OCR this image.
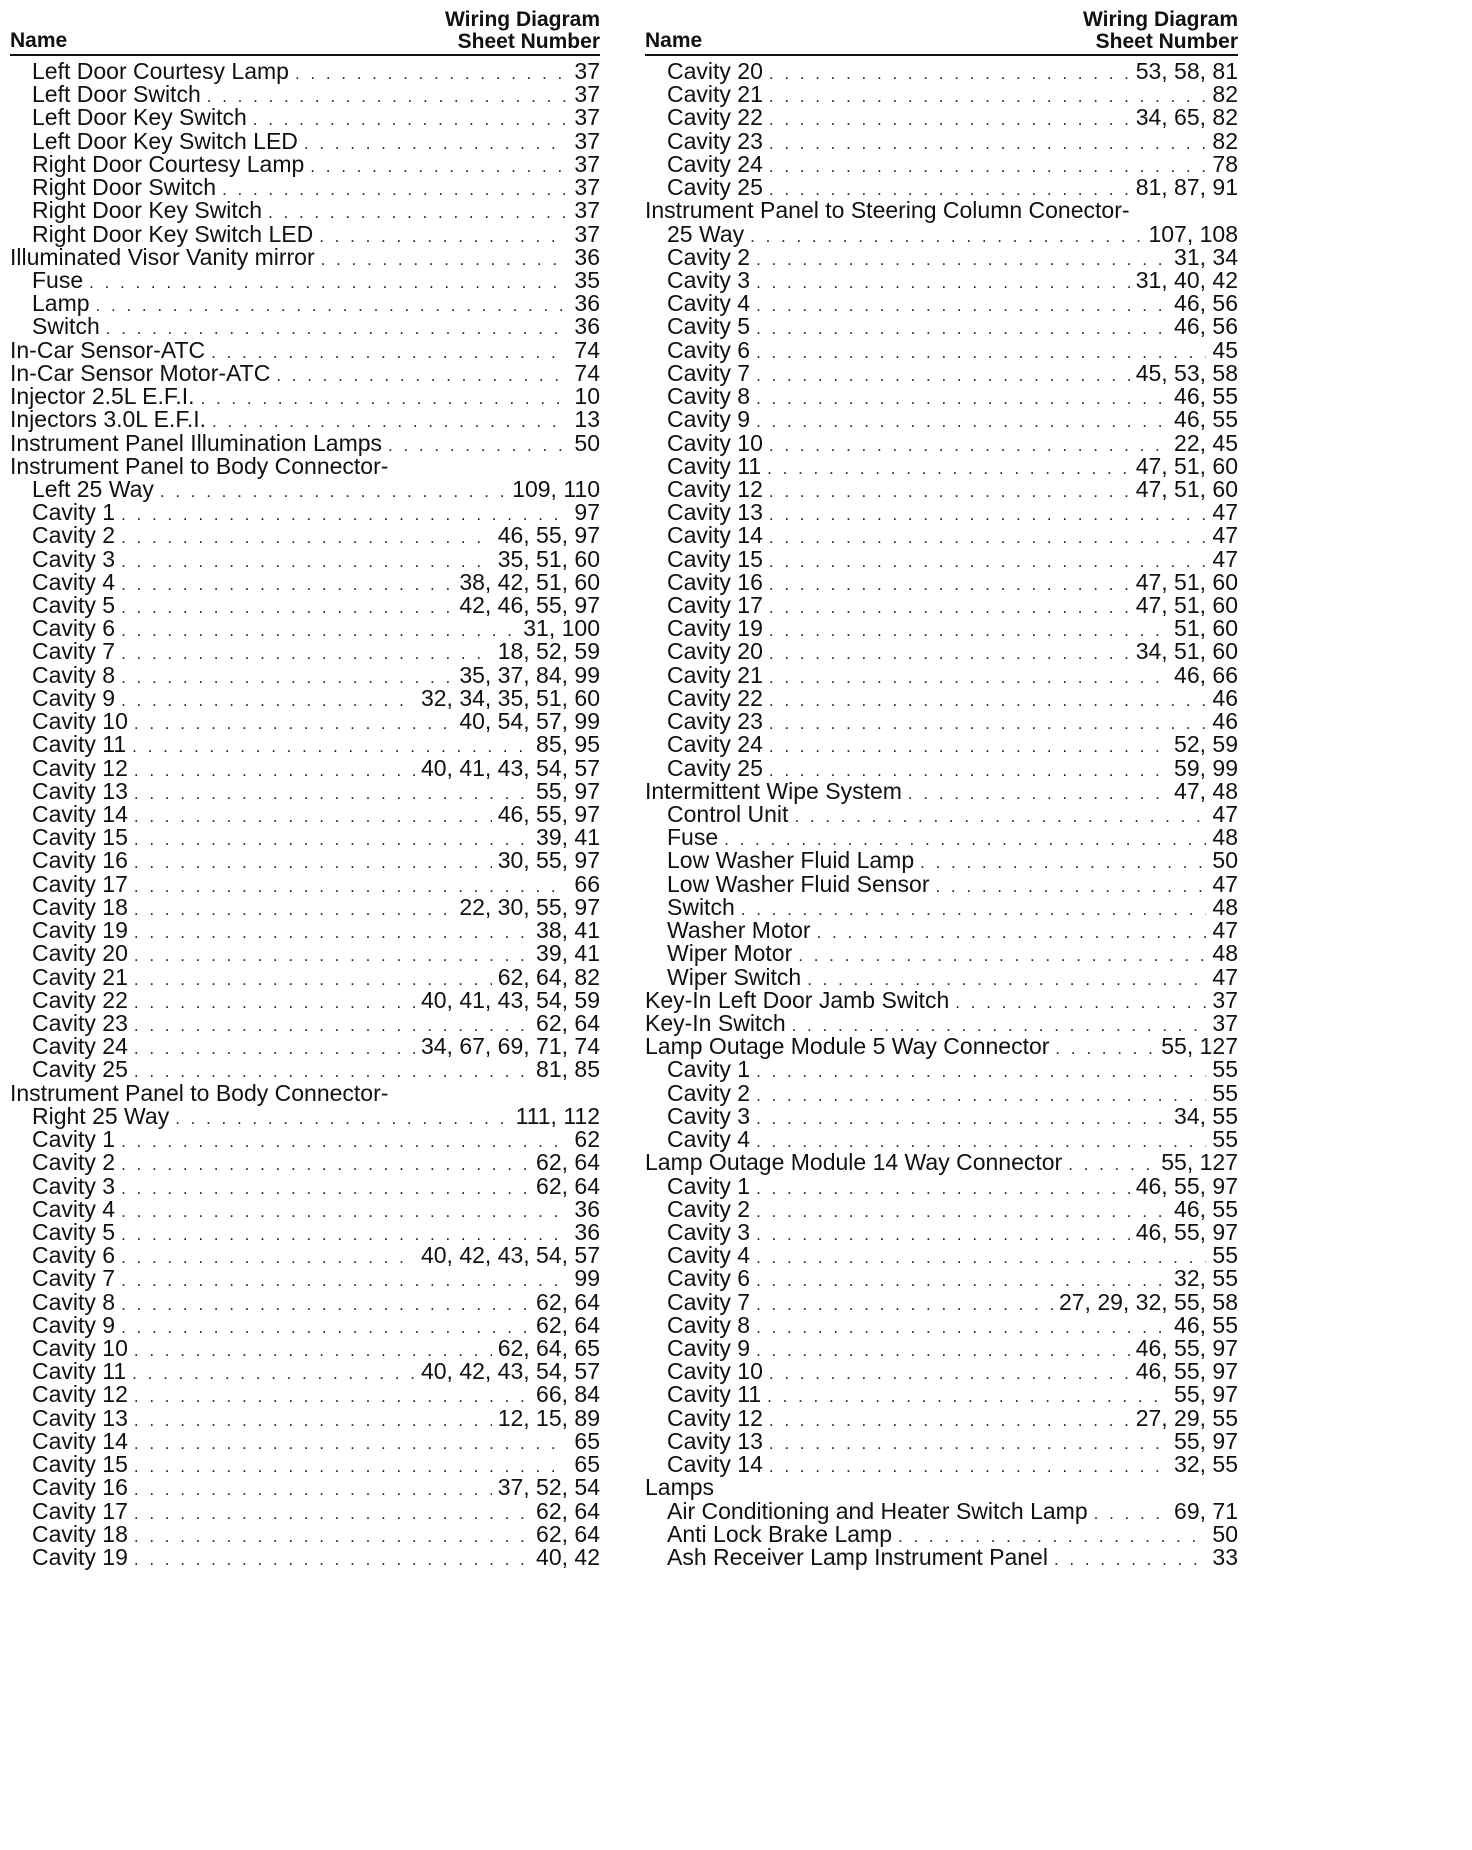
Name
Wiring Diagram
Sheet Number
Left Door Courtesy Lamp . . .	37
Left Door Switch . . .	37
Left Door Key Switch . . .	37
Left Door Key Switch LED . . .	37
Right Door Courtesy Lamp . . .	37
Right Door Switch . . .	37
Right Door Key Switch . . .	37
Right Door Key Switch LED . . .	37
Illuminated Visor Vanity mirror . . .	36
Fuse . . .	35
Lamp . . .	36
Switch . . .	36
In-Car Sensor-ATC . . .	74
In-Car Sensor Motor-ATC . . .	74
Injector 2.5L E.F.I. . . .	10
Injectors 3.0L E.F.I. . . .	13
Instrument Panel Illumination Lamps . . .	50
Instrument Panel to Body Connector-
Left 25 Way . . .	109, 110
Cavity 1 . . .	97
Cavity 2 . . .	46, 55, 97
Cavity 3 . . .	35, 51, 60
Cavity 4 . . .	38, 42, 51, 60
Cavity 5 . . .	42, 46, 55, 97
Cavity 6 . . .	31, 100
Cavity 7 . . .	18, 52, 59
Cavity 8 . . .	35, 37, 84, 99
Cavity 9 . . .	32, 34, 35, 51, 60
Cavity 10 . . .	40, 54, 57, 99
Cavity 11 . . .	85, 95
Cavity 12 . . .	40, 41, 43, 54, 57
Cavity 13 . . .	55, 97
Cavity 14 . . .	46, 55, 97
Cavity 15 . . .	39, 41
Cavity 16 . . .	30, 55, 97
Cavity 17 . . .	66
Cavity 18 . . .	22, 30, 55, 97
Cavity 19 . . .	38, 41
Cavity 20 . . .	39, 41
Cavity 21 . . .	62, 64, 82
Cavity 22 . . .	40, 41, 43, 54, 59
Cavity 23 . . .	62, 64
Cavity 24 . . .	34, 67, 69, 71, 74
Cavity 25 . . .	81, 85
Instrument Panel to Body Connector-
Right 25 Way . . .	111, 112
Cavity 1 . . .	62
Cavity 2 . . .	62, 64
Cavity 3 . . .	62, 64
Cavity 4 . . .	36
Cavity 5 . . .	36
Cavity 6 . . .	40, 42, 43, 54, 57
Cavity 7 . . .	99
Cavity 8 . . .	62, 64
Cavity 9 . . .	62, 64
Cavity 10 . . .	62, 64, 65
Cavity 11 . . .	40, 42, 43, 54, 57
Cavity 12 . . .	66, 84
Cavity 13 . . .	12, 15, 89
Cavity 14 . . .	65
Cavity 15 . . .	65
Cavity 16 . . .	37, 52, 54
Cavity 17 . . .	62, 64
Cavity 18 . . .	62, 64
Cavity 19 . . .	40, 42
Name
Wiring Diagram
Sheet Number
Cavity 20 . . .	53, 58, 81
Cavity 21 . . .	82
Cavity 22 . . .	34, 65, 82
Cavity 23 . . .	82
Cavity 24 . . .	78
Cavity 25 . . .	81, 87, 91
Instrument Panel to Steering Column Conector-
25 Way . . .	107, 108
Cavity 2 . . .	31, 34
Cavity 3 . . .	31, 40, 42
Cavity 4 . . .	46, 56
Cavity 5 . . .	46, 56
Cavity 6 . . .	45
Cavity 7 . . .	45, 53, 58
Cavity 8 . . .	46, 55
Cavity 9 . . .	46, 55
Cavity 10 . . .	22, 45
Cavity 11 . . .	47, 51, 60
Cavity 12 . . .	47, 51, 60
Cavity 13 . . .	47
Cavity 14 . . .	47
Cavity 15 . . .	47
Cavity 16 . . .	47, 51, 60
Cavity 17 . . .	47, 51, 60
Cavity 19 . . .	51, 60
Cavity 20 . . .	34, 51, 60
Cavity 21 . . .	46, 66
Cavity 22 . . .	46
Cavity 23 . . .	46
Cavity 24 . . .	52, 59
Cavity 25 . . .	59, 99
Intermittent Wipe System . . .	47, 48
Control Unit . . .	47
Fuse . . .	48
Low Washer Fluid Lamp . . .	50
Low Washer Fluid Sensor . . .	47
Switch . . .	48
Washer Motor . . .	47
Wiper Motor . . .	48
Wiper Switch . . .	47
Key-In Left Door Jamb Switch . . .	37
Key-In Switch . . .	37
Lamp Outage Module 5 Way Connector . . .	55, 127
Cavity 1 . . .	55
Cavity 2 . . .	55
Cavity 3 . . .	34, 55
Cavity 4 . . .	55
Lamp Outage Module 14 Way Connector . . .	55, 127
Cavity 1 . . .	46, 55, 97
Cavity 2 . . .	46, 55
Cavity 3 . . .	46, 55, 97
Cavity 4 . . .	55
Cavity 6 . . .	32, 55
Cavity 7 . . .	27, 29, 32, 55, 58
Cavity 8 . . .	46, 55
Cavity 9 . . .	46, 55, 97
Cavity 10 . . .	46, 55, 97
Cavity 11 . . .	55, 97
Cavity 12 . . .	27, 29, 55
Cavity 13 . . .	55, 97
Cavity 14 . . .	32, 55
Lamps
Air Conditioning and Heater Switch Lamp . . .	69, 71
Anti Lock Brake Lamp . . .	50
Ash Receiver Lamp Instrument Panel . . .	33
